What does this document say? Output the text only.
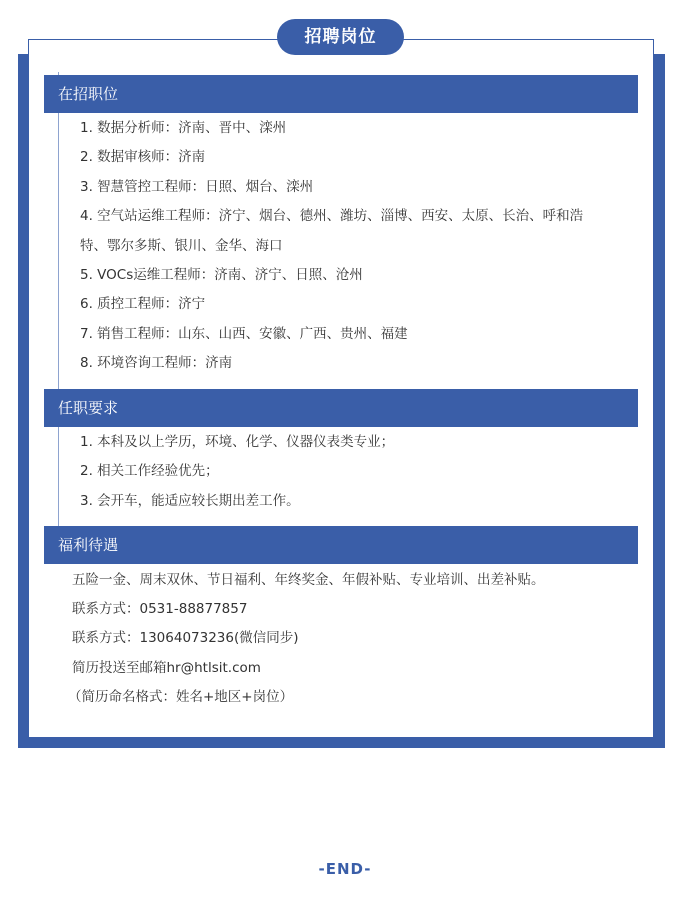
招聘岗位
在招职位
1. 数据分析师：济南、晋中、滦州
2. 数据审核师：济南
3. 智慧管控工程师：日照、烟台、滦州
4. 空气站运维工程师：济宁、烟台、德州、潍坊、淄博、西安、太原、长治、呼和浩
特、鄂尔多斯、银川、金华、海口
5. VOCs运维工程师：济南、济宁、日照、沧州
6. 质控工程师：济宁
7. 销售工程师：山东、山西、安徽、广西、贵州、福建
8. 环境咨询工程师：济南
任职要求
1. 本科及以上学历，环境、化学、仪器仪表类专业；
2. 相关工作经验优先；
3. 会开车，能适应较长期出差工作。
福利待遇
五险一金、周末双休、节日福利、年终奖金、年假补贴、专业培训、出差补贴。
联系方式：0531-88877857
联系方式：13064073236(微信同步)
简历投送至邮箱hr@htlsit.com
（简历命名格式：姓名+地区+岗位）
-END-
